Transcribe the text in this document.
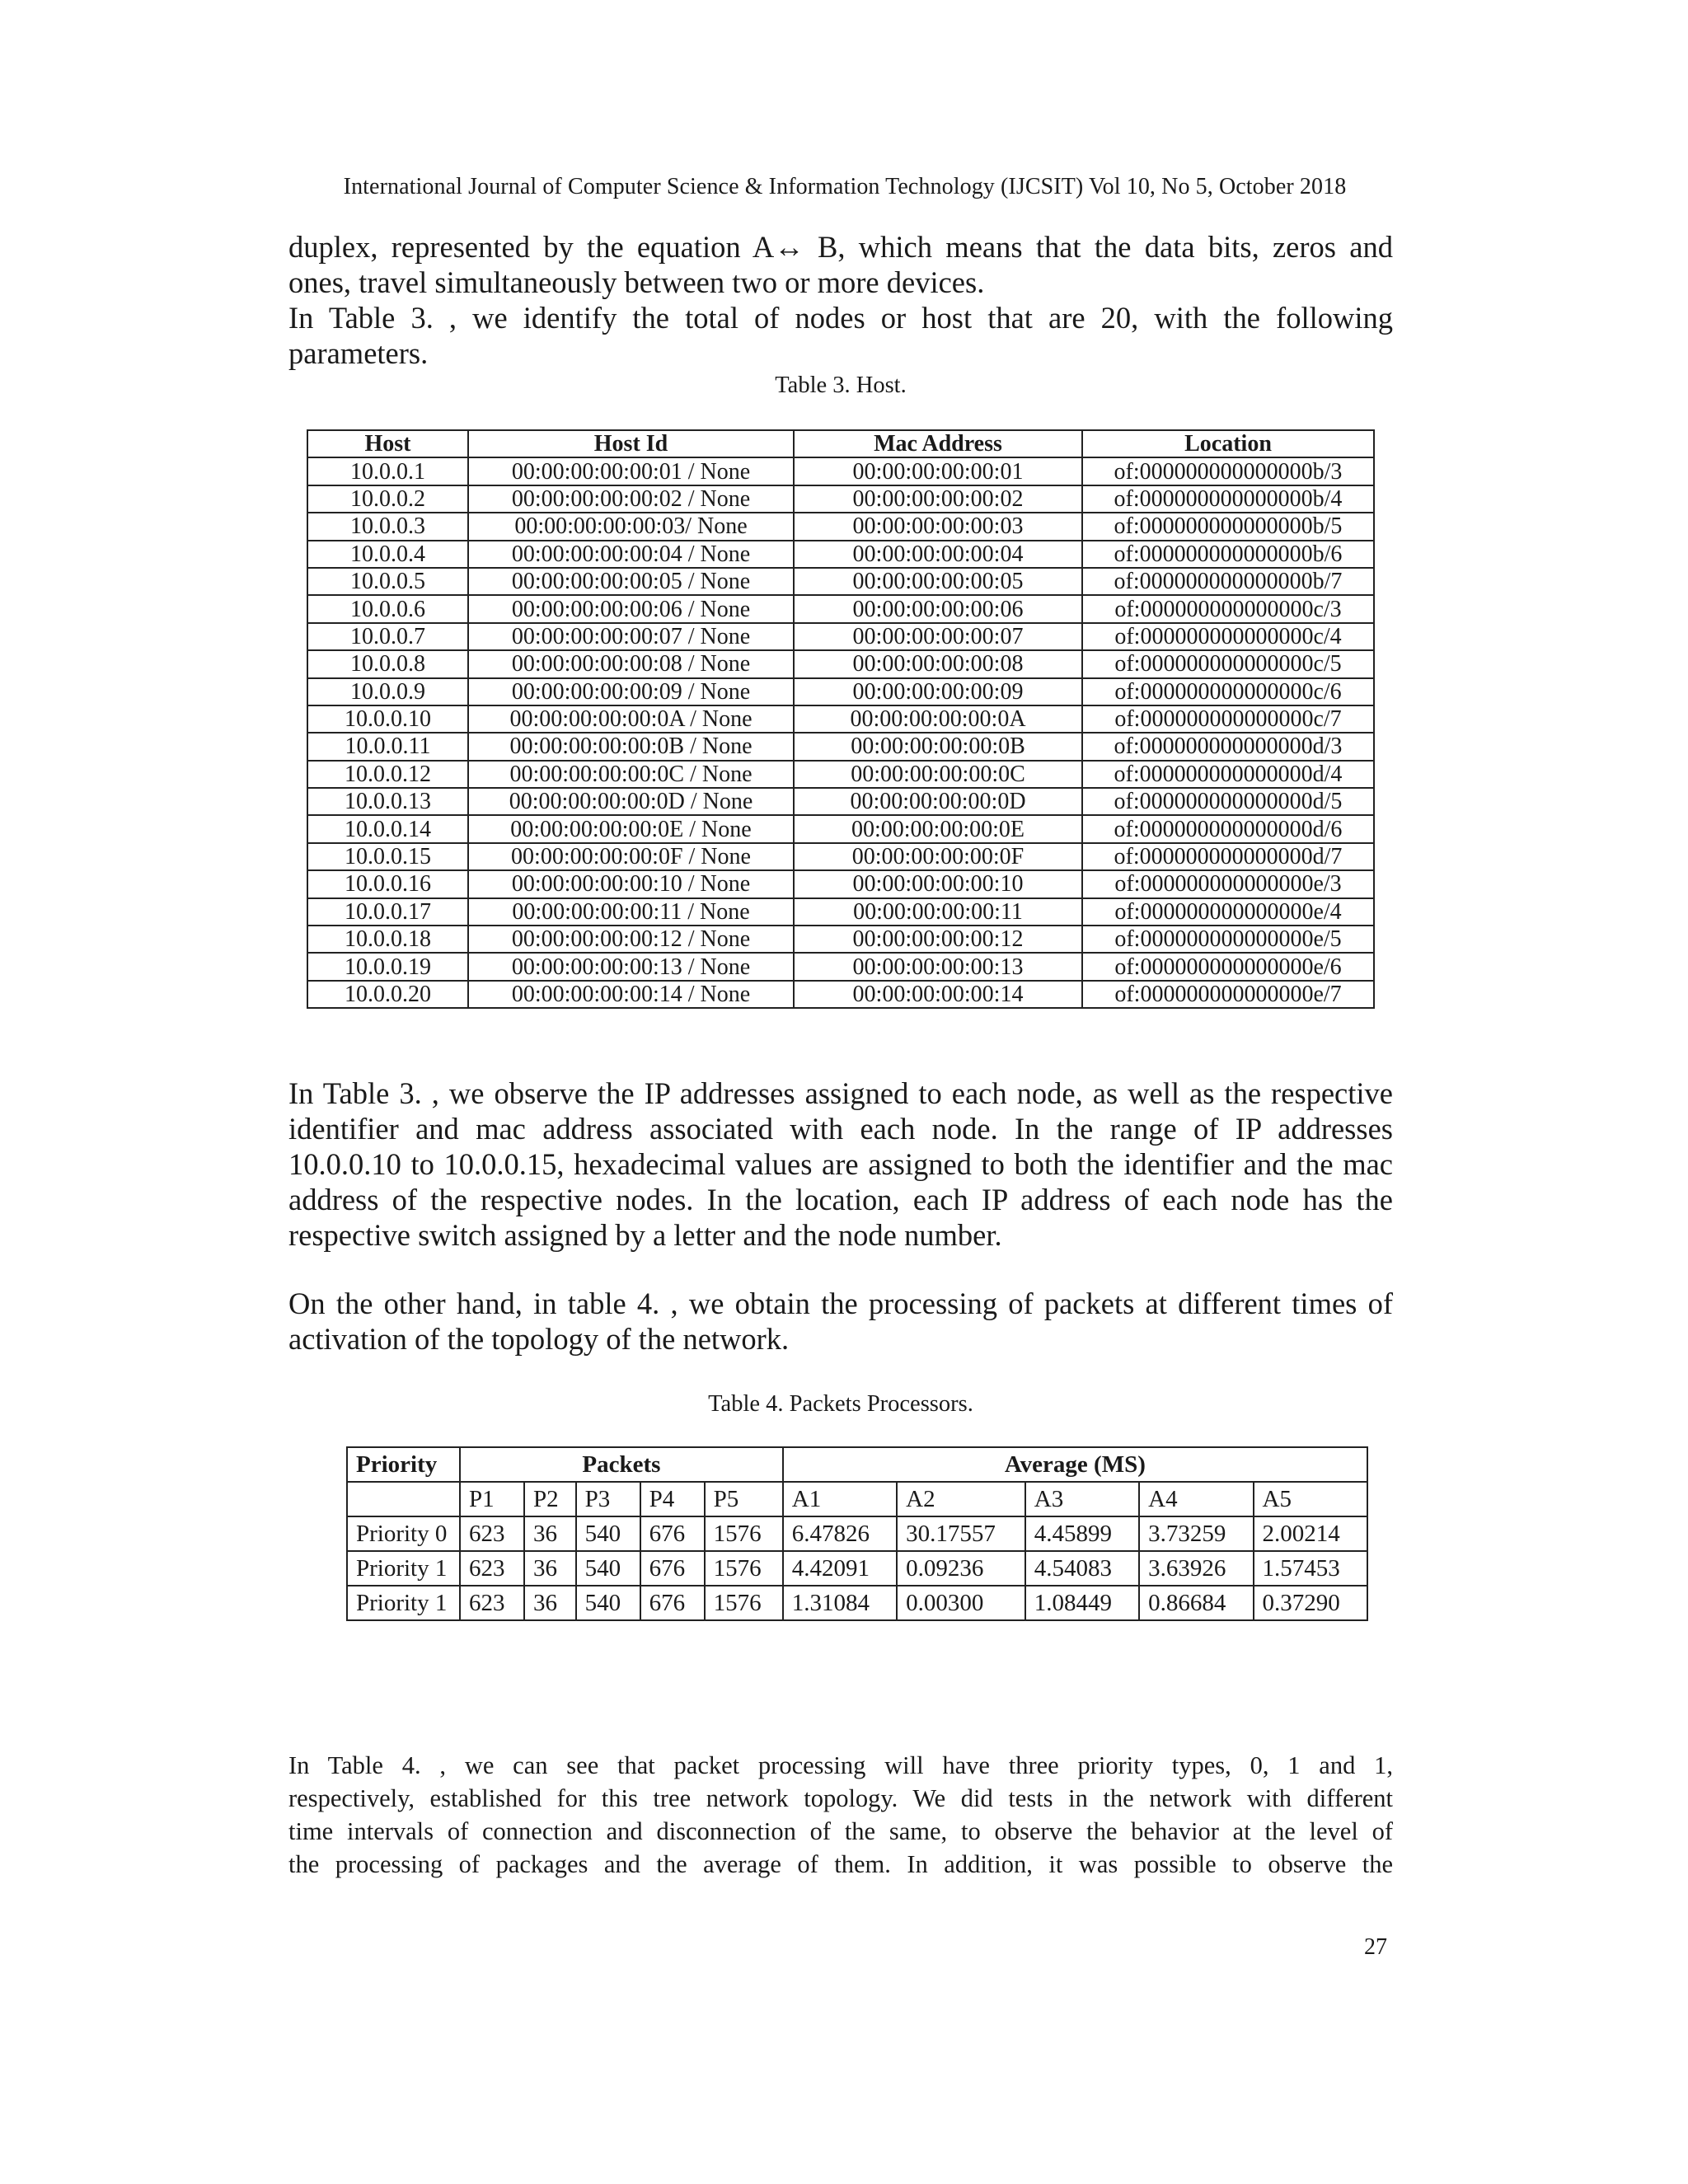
International Journal of Computer Science & Information Technology (IJCSIT) Vol 10, No 5, October 2018
duplex, represented by the equation A↔ B, which means that the data bits, zeros and
ones, travel simultaneously between two or more devices.
In Table 3. , we identify the total of nodes or host that are 20, with the following
parameters.
Table 3. Host.
Host	Host Id	Mac Address	Location
10.0.0.1	00:00:00:00:00:01 / None	00:00:00:00:00:01	of:000000000000000b/3
10.0.0.2	00:00:00:00:00:02 / None	00:00:00:00:00:02	of:000000000000000b/4
10.0.0.3	00:00:00:00:00:03/ None	00:00:00:00:00:03	of:000000000000000b/5
10.0.0.4	00:00:00:00:00:04 / None	00:00:00:00:00:04	of:000000000000000b/6
10.0.0.5	00:00:00:00:00:05 / None	00:00:00:00:00:05	of:000000000000000b/7
10.0.0.6	00:00:00:00:00:06 / None	00:00:00:00:00:06	of:000000000000000c/3
10.0.0.7	00:00:00:00:00:07 / None	00:00:00:00:00:07	of:000000000000000c/4
10.0.0.8	00:00:00:00:00:08 / None	00:00:00:00:00:08	of:000000000000000c/5
10.0.0.9	00:00:00:00:00:09 / None	00:00:00:00:00:09	of:000000000000000c/6
10.0.0.10	00:00:00:00:00:0A / None	00:00:00:00:00:0A	of:000000000000000c/7
10.0.0.11	00:00:00:00:00:0B / None	00:00:00:00:00:0B	of:000000000000000d/3
10.0.0.12	00:00:00:00:00:0C / None	00:00:00:00:00:0C	of:000000000000000d/4
10.0.0.13	00:00:00:00:00:0D / None	00:00:00:00:00:0D	of:000000000000000d/5
10.0.0.14	00:00:00:00:00:0E / None	00:00:00:00:00:0E	of:000000000000000d/6
10.0.0.15	00:00:00:00:00:0F / None	00:00:00:00:00:0F	of:000000000000000d/7
10.0.0.16	00:00:00:00:00:10 / None	00:00:00:00:00:10	of:000000000000000e/3
10.0.0.17	00:00:00:00:00:11 / None	00:00:00:00:00:11	of:000000000000000e/4
10.0.0.18	00:00:00:00:00:12 / None	00:00:00:00:00:12	of:000000000000000e/5
10.0.0.19	00:00:00:00:00:13 / None	00:00:00:00:00:13	of:000000000000000e/6
10.0.0.20	00:00:00:00:00:14 / None	00:00:00:00:00:14	of:000000000000000e/7
In Table 3. , we observe the IP addresses assigned to each node, as well as the respective
identifier and mac address associated with each node. In the range of IP addresses
10.0.0.10 to 10.0.0.15, hexadecimal values are assigned to both the identifier and the mac
address of the respective nodes. In the location, each IP address of each node has the
respective switch assigned by a letter and the node number.
On the other hand, in table 4. , we obtain the processing of packets at different times of
activation of the topology of the network.
Table 4. Packets Processors.
Priority	Packets					Average (MS)				
	P1	P2	P3	P4	P5	A1	A2	A3	A4	A5
Priority 0	623	36	540	676	1576	6.47826	30.17557	4.45899	3.73259	2.00214
Priority 1	623	36	540	676	1576	4.42091	0.09236	4.54083	3.63926	1.57453
Priority 1	623	36	540	676	1576	1.31084	0.00300	1.08449	0.86684	0.37290
In Table 4. , we can see that packet processing will have three priority types, 0, 1 and 1,
respectively, established for this tree network topology. We did tests in the network with different
time intervals of connection and disconnection of the same, to observe the behavior at the level of
the processing of packages and the average of them. In addition, it was possible to observe the
27
